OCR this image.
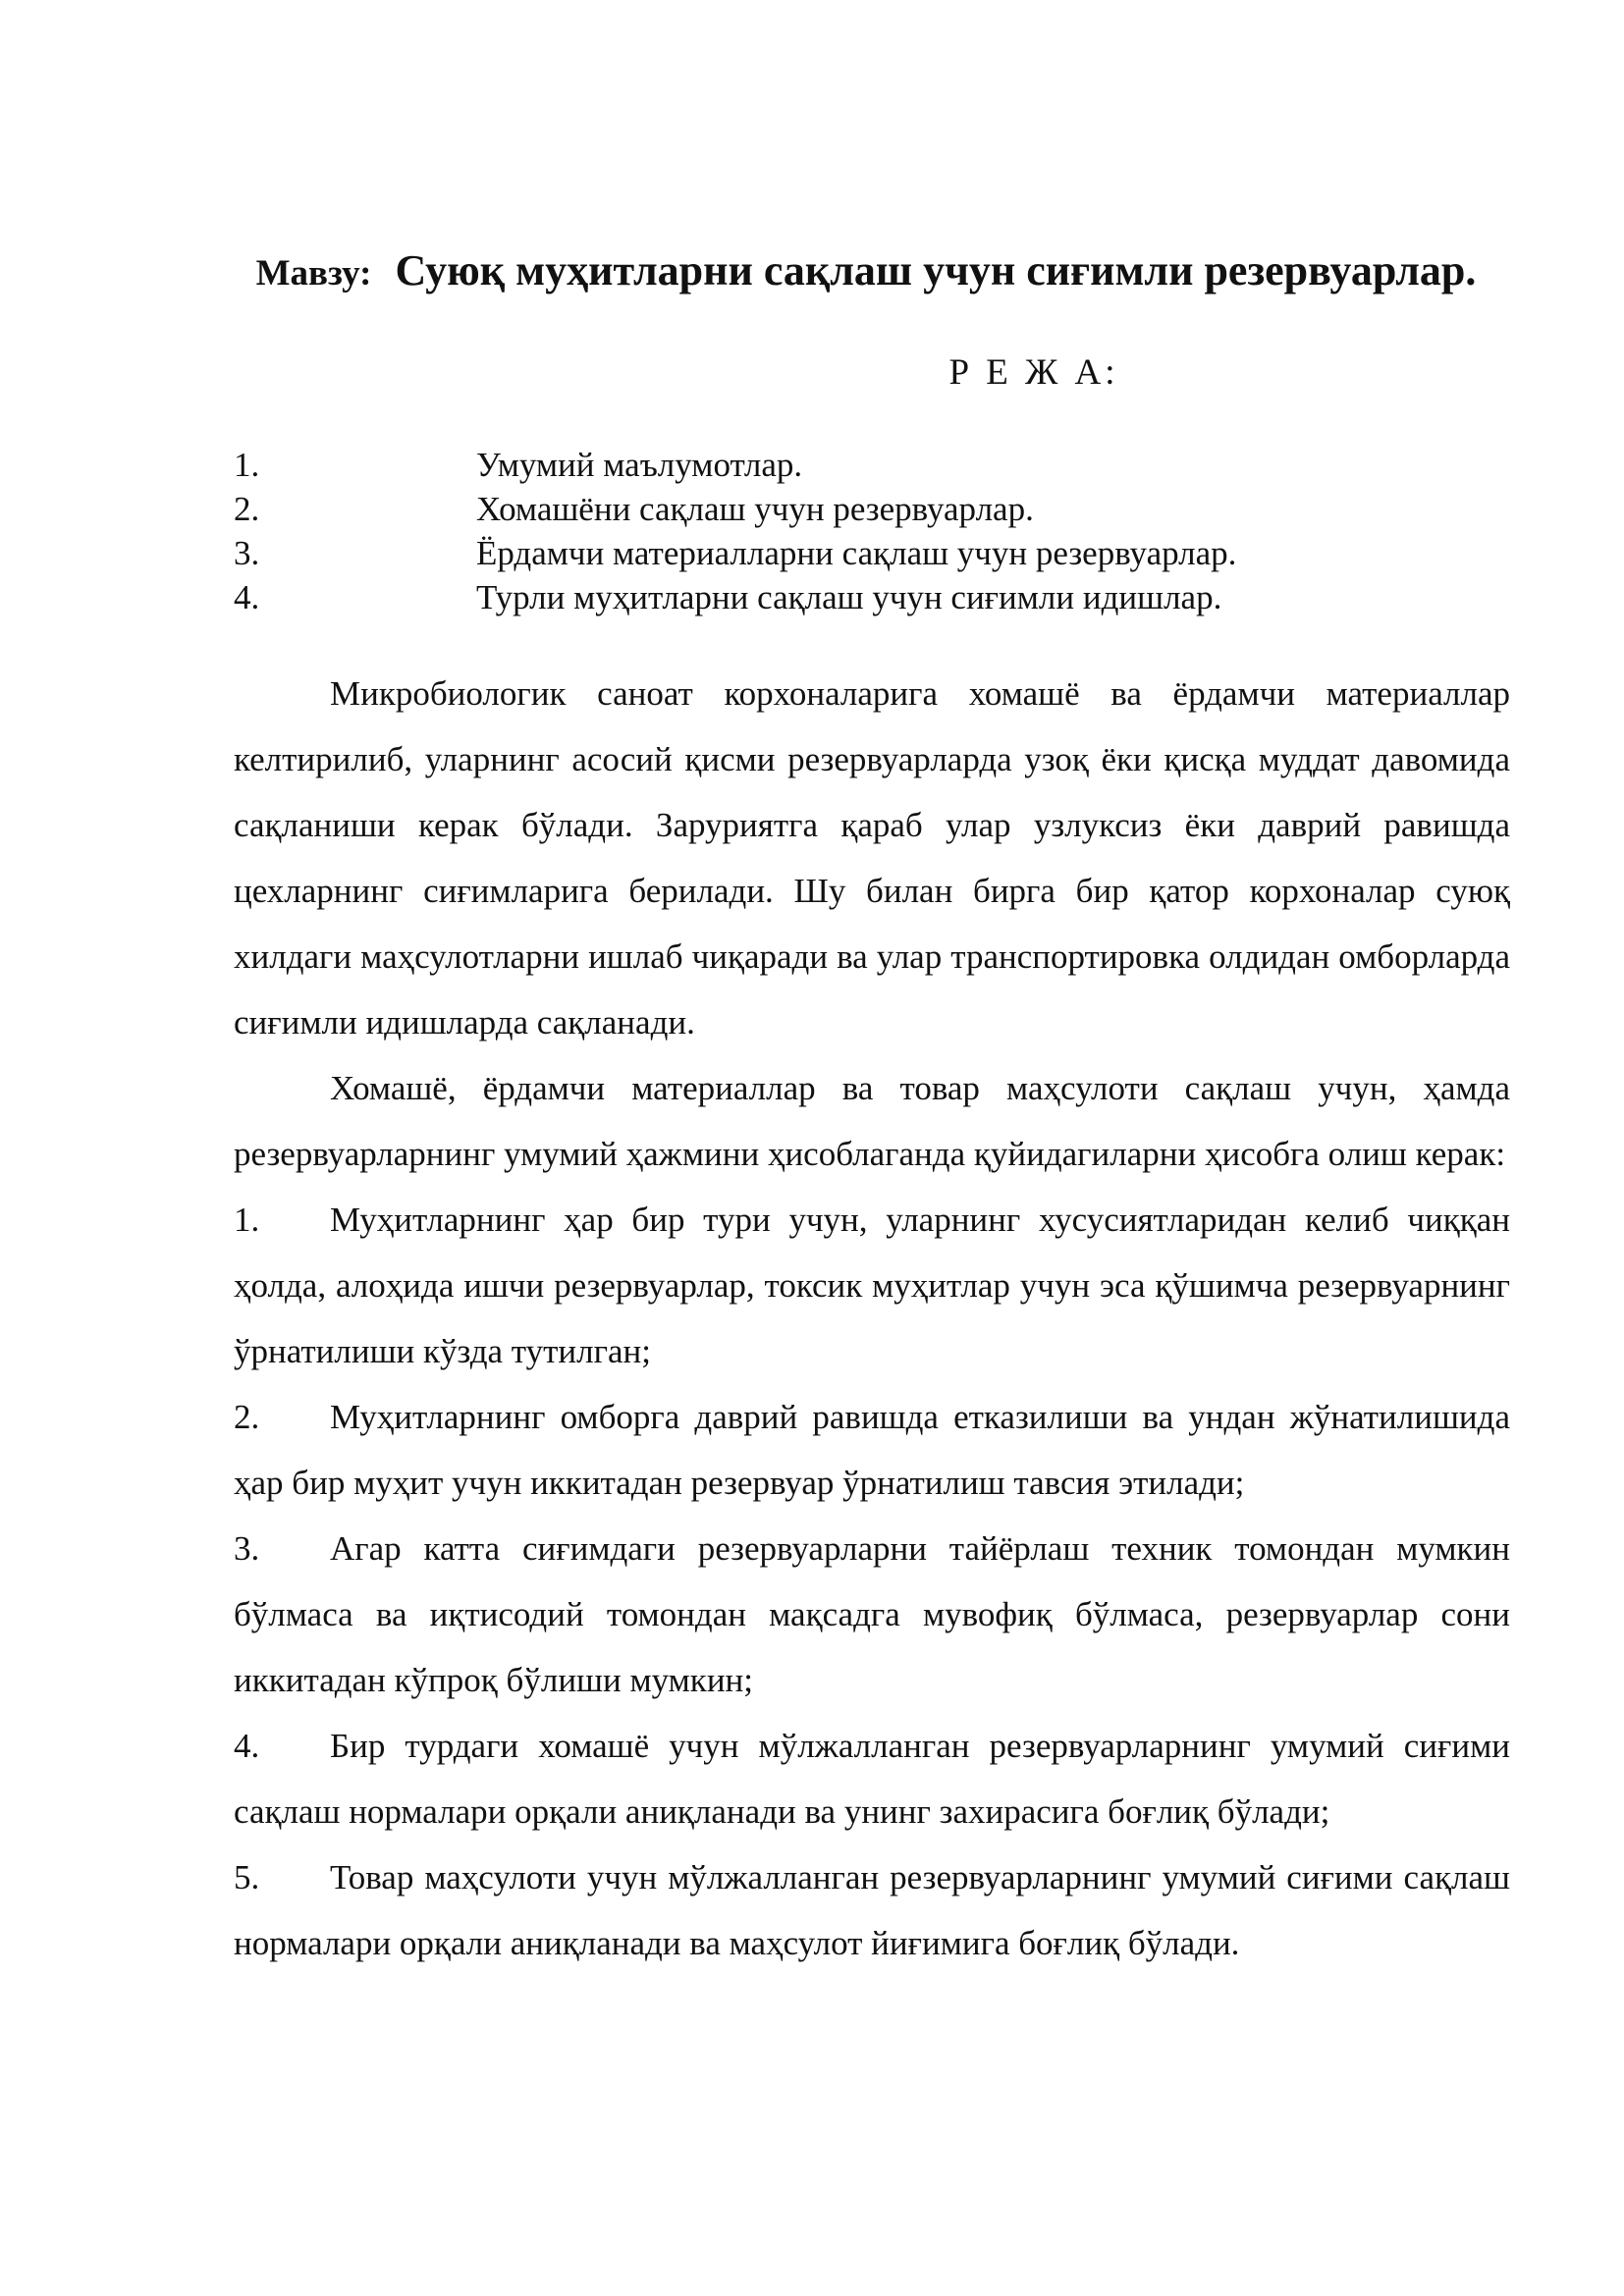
Мавзу: Суюқ муҳитларни сақлаш учун сиғимли резервуарлар.
Р Е Ж А:
1.	Умумий маълумотлар.
2.	Хомашёни сақлаш учун резервуарлар.
3.	Ёрдамчи материалларни сақлаш учун резервуарлар.
4.	Турли муҳитларни сақлаш учун сиғимли идишлар.

Микробиологик саноат корхоналарига хомашё ва ёрдамчи материаллар келтирилиб, уларнинг асосий қисми резервуарларда узоқ ёки қисқа муддат давомида сақланиши керак бўлади. Заруриятга қараб улар узлуксиз ёки даврий равишда цехларнинг сиғимларига берилади. Шу билан бирга бир қатор корхоналар суюқ хилдаги маҳсулотларни ишлаб чиқаради ва улар транспортировка олдидан омборларда сиғимли идишларда сақланади.

Хомашё, ёрдамчи материаллар ва товар маҳсулоти сақлаш учун, ҳамда резервуарларнинг умумий ҳажмини ҳисоблаганда қуйидагиларни ҳисобга олиш керак:

1. Муҳитларнинг ҳар бир тури учун, уларнинг хусусиятларидан келиб чиққан ҳолда, алоҳида ишчи резервуарлар, токсик муҳитлар учун эса қўшимча резервуарнинг ўрнатилиши кўзда тутилган;

2. Муҳитларнинг омборга даврий равишда етказилиши ва ундан жўнатилишида ҳар бир муҳит учун иккитадан резервуар ўрнатилиш тавсия этилади;

3. Агар катта сиғимдаги резервуарларни тайёрлаш техник томондан мумкин бўлмаса ва иқтисодий томондан мақсадга мувофиқ бўлмаса, резервуарлар сони иккитадан кўпроқ бўлиши мумкин;

4. Бир турдаги хомашё учун мўлжалланган резервуарларнинг умумий сиғими сақлаш нормалари орқали аниқланади ва унинг захирасига боғлиқ бўлади;

5. Товар маҳсулоти учун мўлжалланган резервуарларнинг умумий сиғими сақлаш нормалари орқали аниқланади ва маҳсулот йиғимига боғлиқ бўлади.
